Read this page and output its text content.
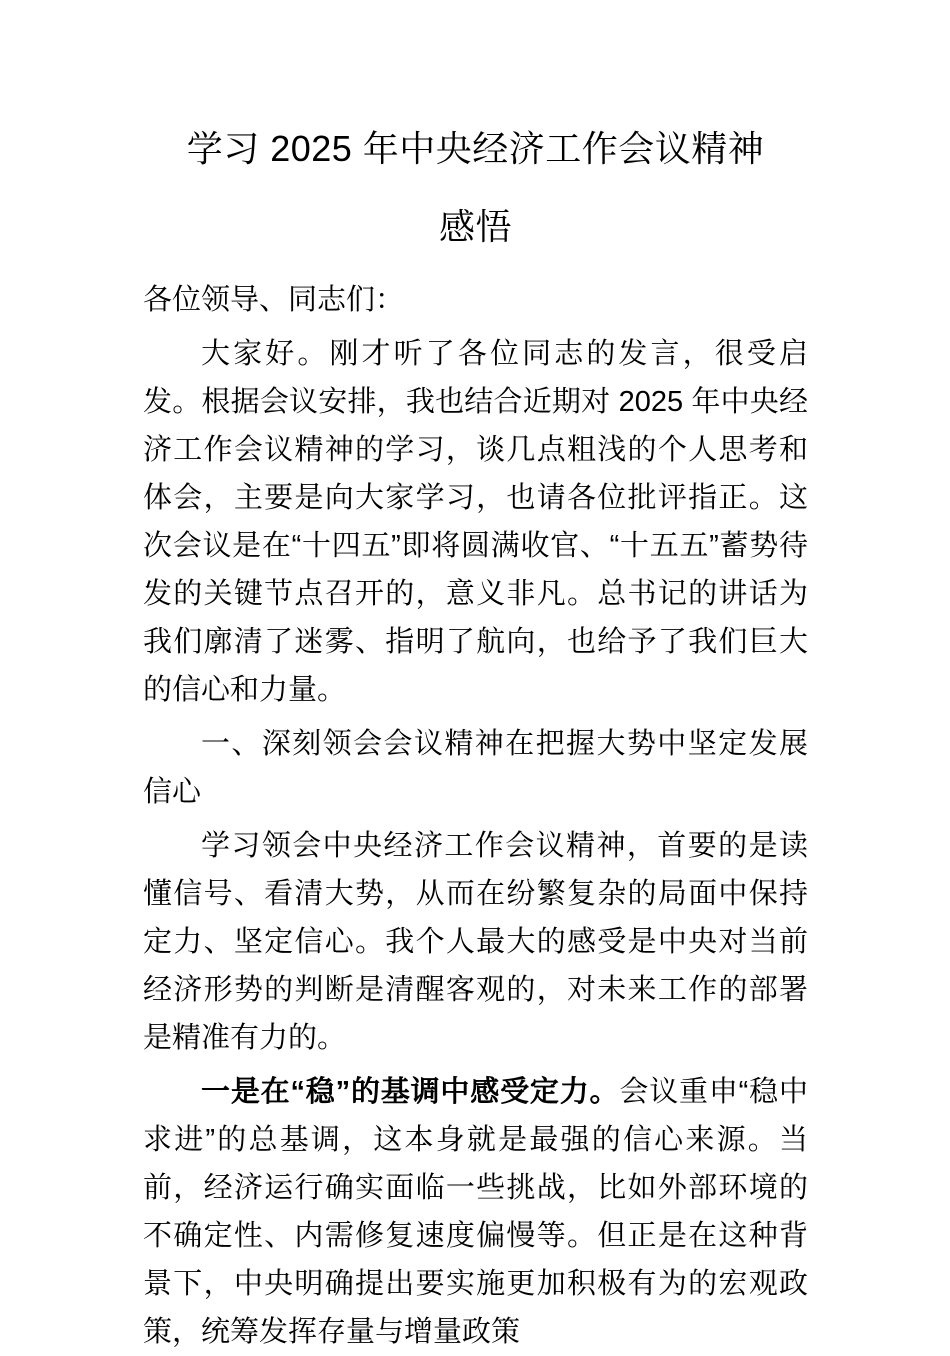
学习 2025 年中央经济工作会议精神
感悟

各位领导、同志们：

大家好。刚才听了各位同志的发言，很受启发。根据会议安排，我也结合近期对 2025 年中央经济工作会议精神的学习，谈几点粗浅的个人思考和体会，主要是向大家学习，也请各位批评指正。这次会议是在“十四五”即将圆满收官、“十五五”蓄势待发的关键节点召开的，意义非凡。总书记的讲话为我们廓清了迷雾、指明了航向，也给予了我们巨大的信心和力量。

一、深刻领会会议精神在把握大势中坚定发展信心

学习领会中央经济工作会议精神，首要的是读懂信号、看清大势，从而在纷繁复杂的局面中保持定力、坚定信心。我个人最大的感受是中央对当前经济形势的判断是清醒客观的，对未来工作的部署是精准有力的。

一是在“稳”的基调中感受定力。会议重申“稳中求进”的总基调，这本身就是最强的信心来源。当前，经济运行确实面临一些挑战，比如外部环境的不确定性、内需修复速度偏慢等。但正是在这种背景下，中央明确提出要实施更加积极有为的宏观政策，统筹发挥存量与增量政策
